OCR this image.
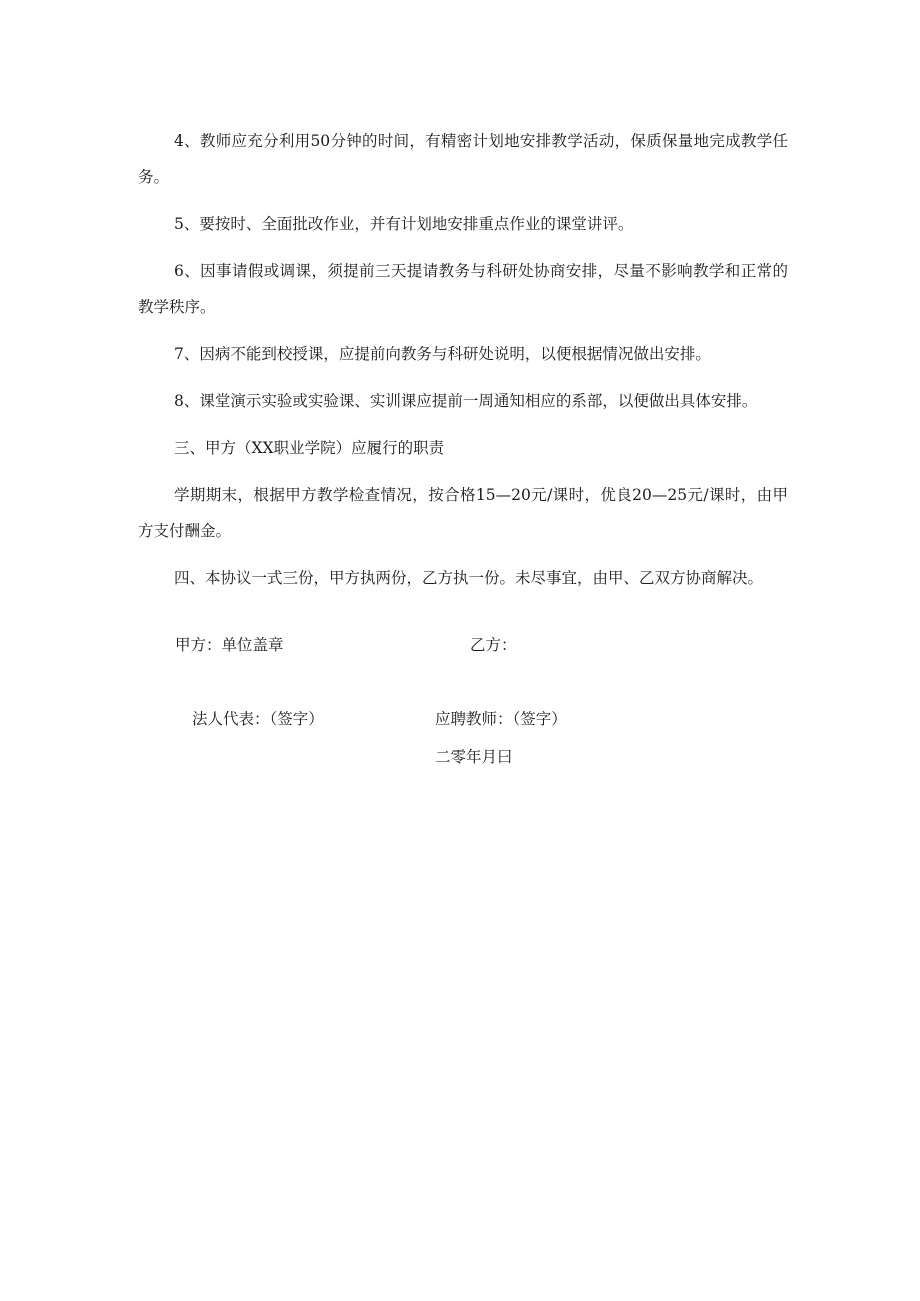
4、教师应充分利用50分钟的时间，有精密计划地安排教学活动，保质保量地完成教学任务。

5、要按时、全面批改作业，并有计划地安排重点作业的课堂讲评。

6、因事请假或调课，须提前三天提请教务与科研处协商安排，尽量不影响教学和正常的教学秩序。

7、因病不能到校授课，应提前向教务与科研处说明，以便根据情况做出安排。

8、课堂演示实验或实验课、实训课应提前一周通知相应的系部，以便做出具体安排。

三、甲方（XX职业学院）应履行的职责

学期期末，根据甲方教学检查情况，按合格15—20元/课时，优良20—25元/课时，由甲方支付酬金。

四、本协议一式三份，甲方执两份，乙方执一份。未尽事宜，由甲、乙双方协商解决。

甲方：单位盖章	乙方：

法人代表：（签字）	应聘教师：（签字）

二零年月曰
